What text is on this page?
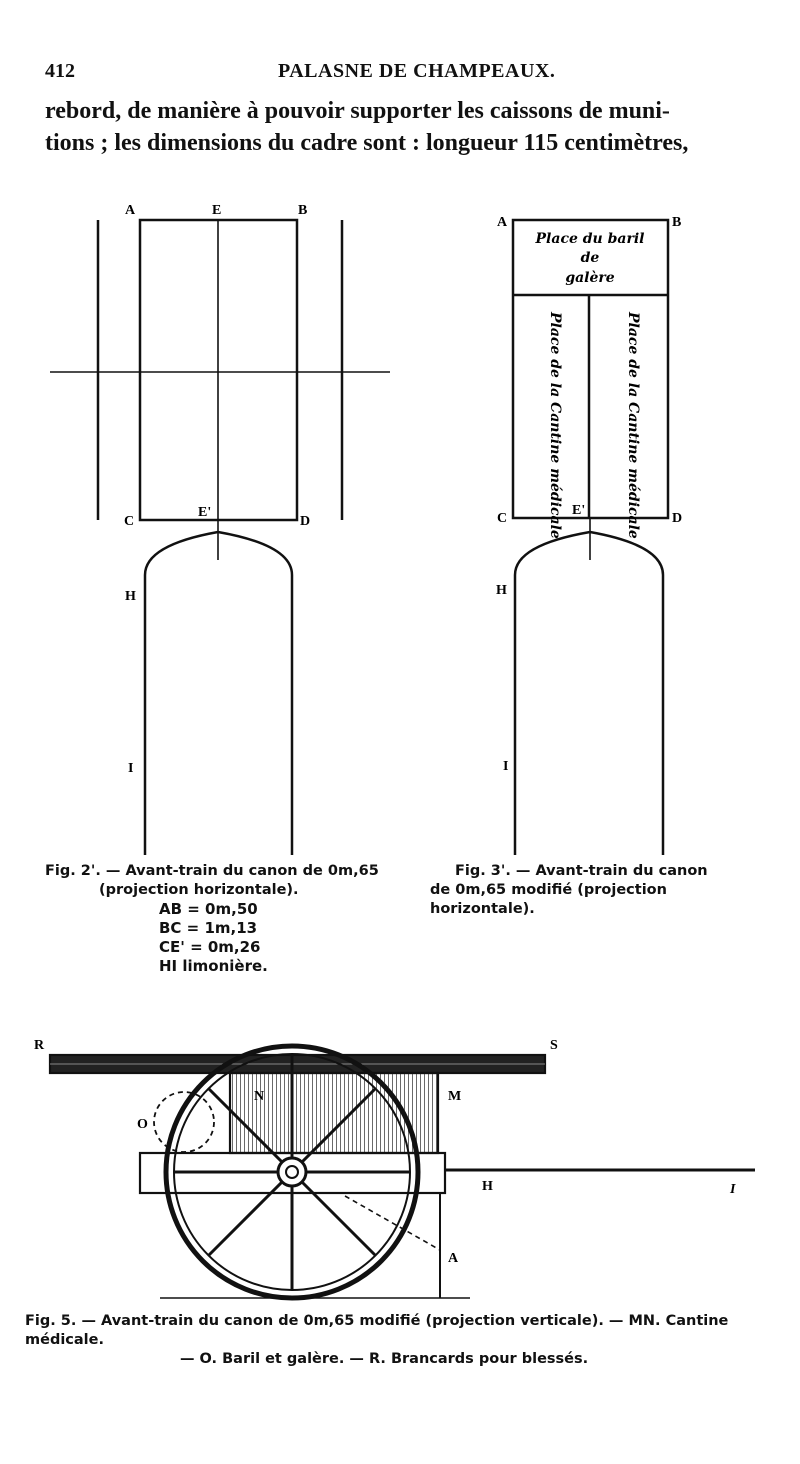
412	PALASNE DE CHAMPEAUX.
rebord, de manière à pouvoir supporter les caissons de muni-
tions ; les dimensions du cadre sont : longueur 115 centimètres,
A	E	B
C
E'
D
H
I
A	B
C
E'
D
H
I
Place du baril
de
galère
Place de la Cantine médicale	Place de la Cantine médicale
R	S
N	M
O
H	I
A
Fig. 2'. — Avant-train du canon de 0m,65
(projection horizontale).
AB = 0m,50
BC = 1m,13
CE' = 0m,26
HI limonière.
Fig. 3'. — Avant-train du canon
de 0m,65 modifié (projection horizontale).
Fig. 5. — Avant-train du canon de 0m,65 modifié (projection verticale). — MN. Cantine médicale.
— O. Baril et galère. — R. Brancards pour blessés.
